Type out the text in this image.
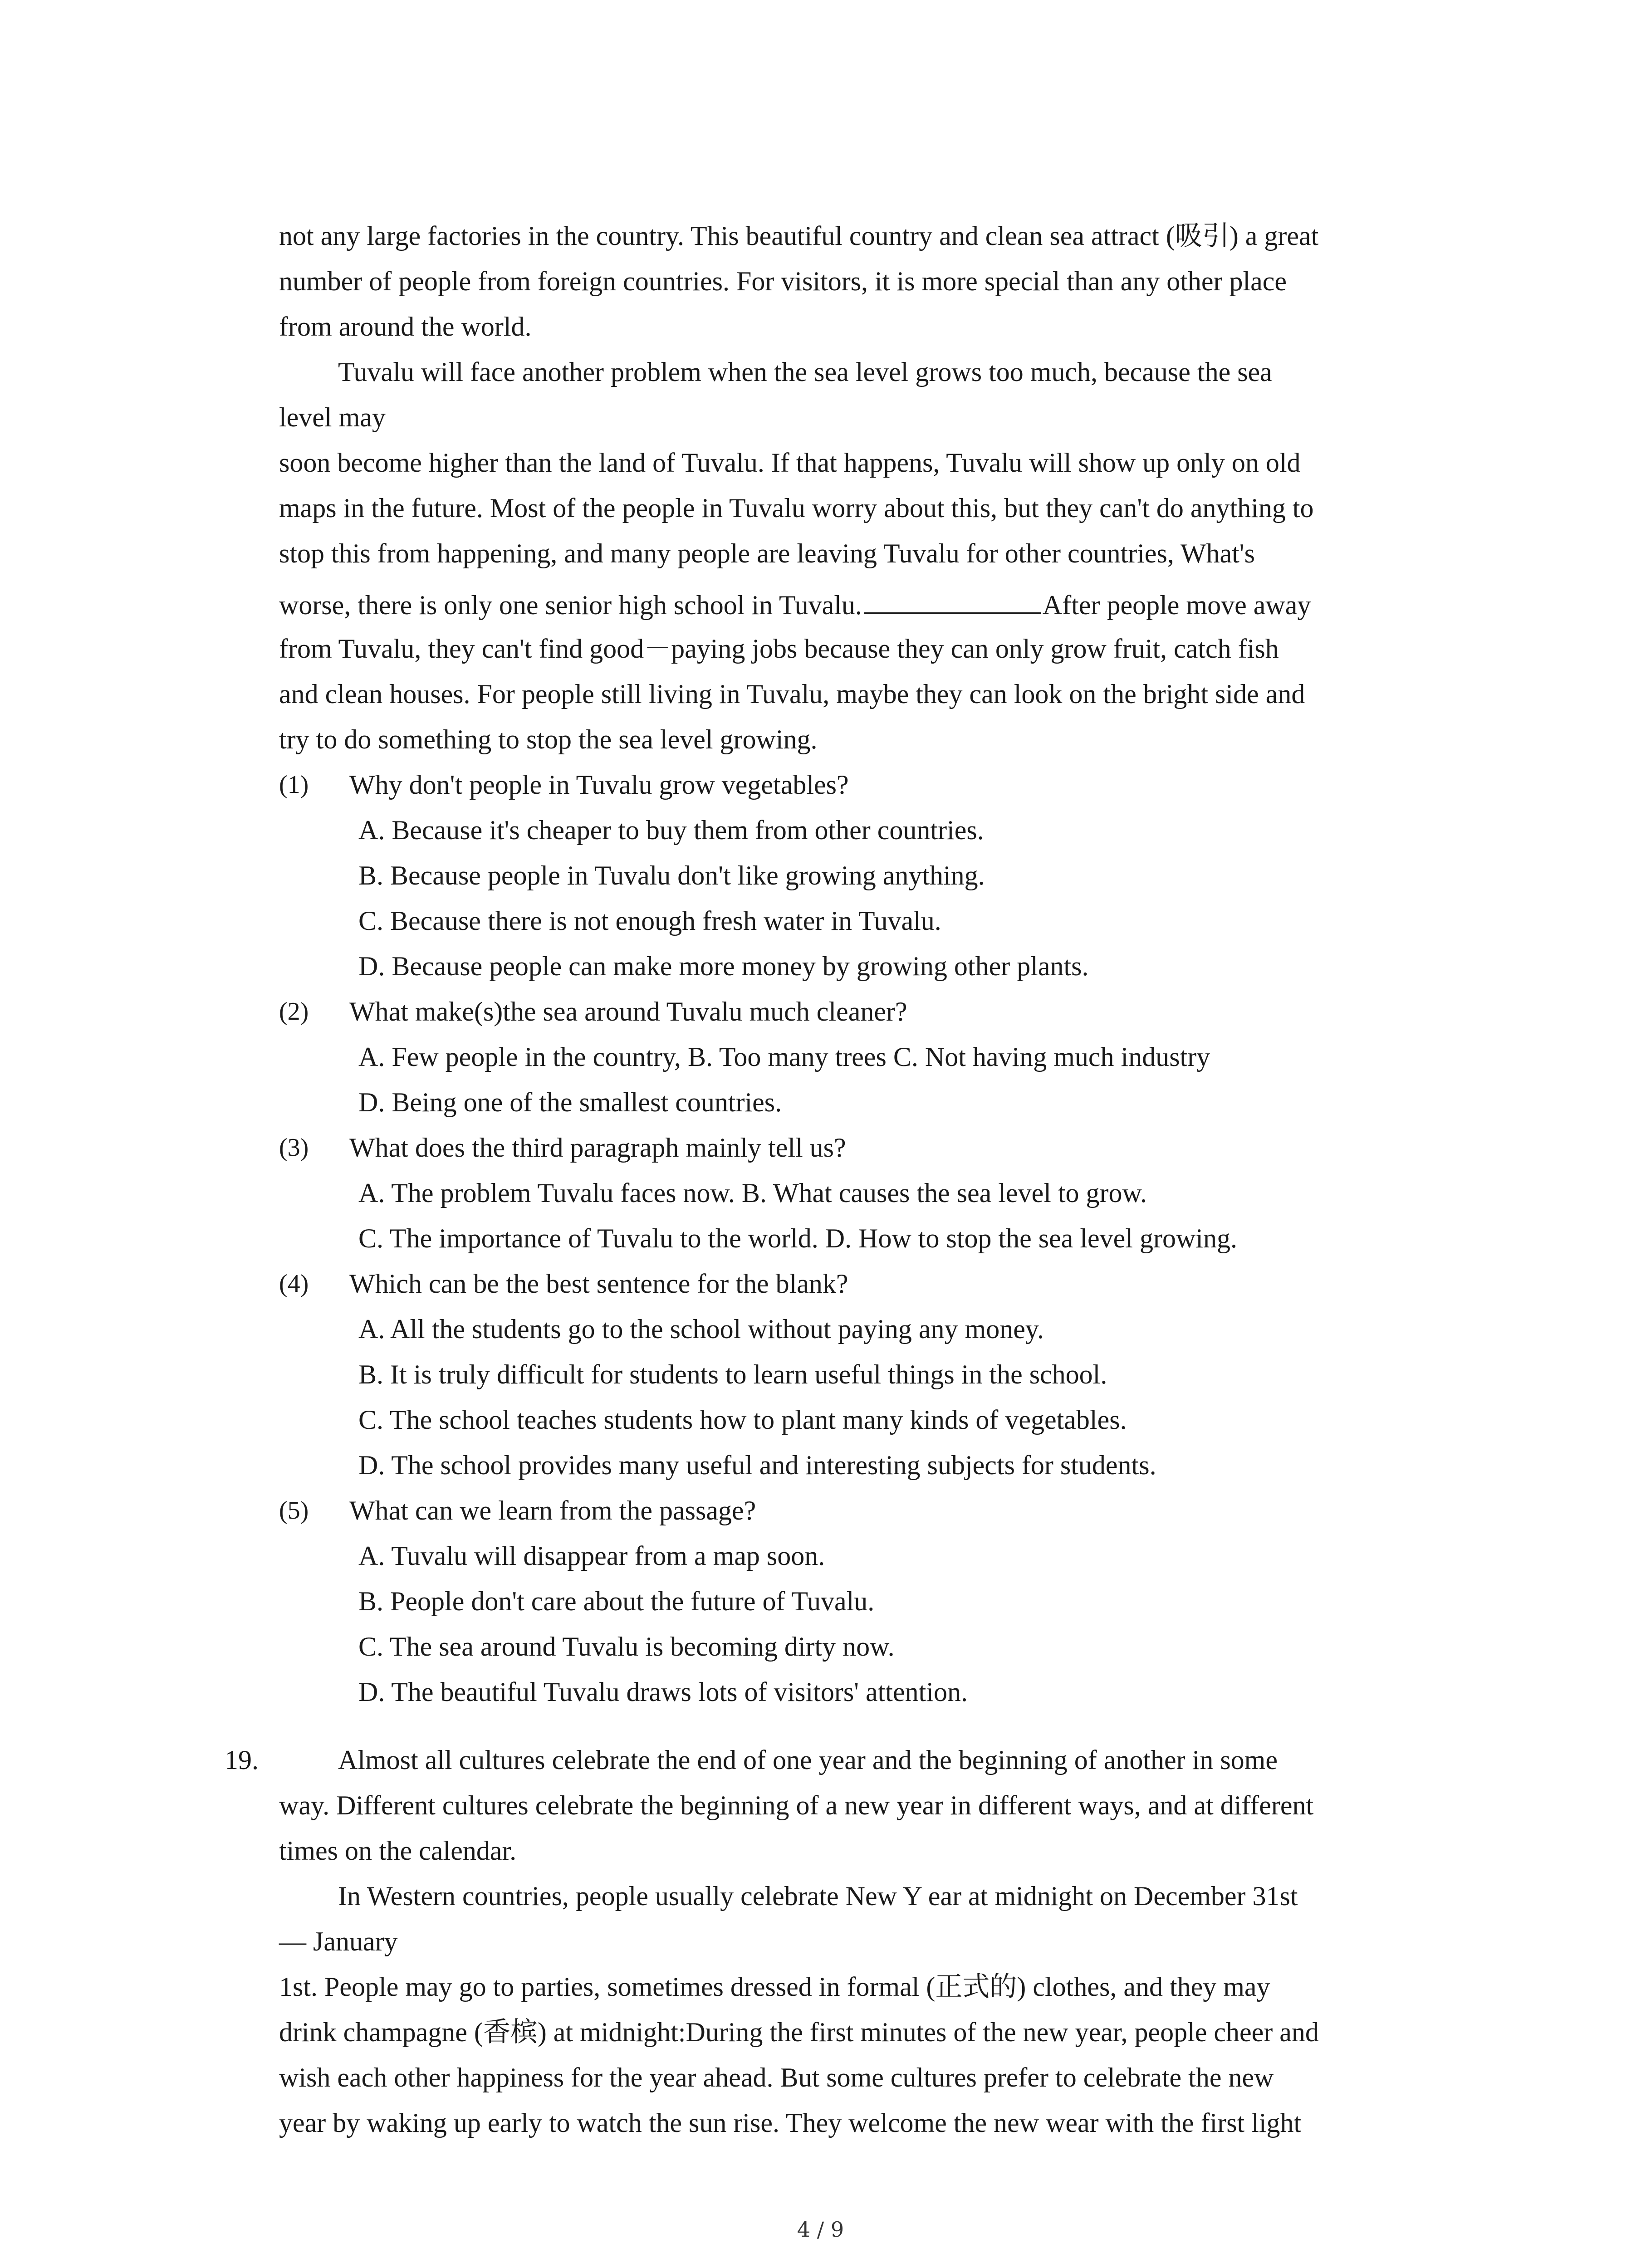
not any large factories in the country. This beautiful country and clean sea attract (吸引) a great
number of people from foreign countries. For visitors, it is more special than any other place
from around the world.
Tuvalu will face another problem when the sea level grows too much, because the sea
level may
soon become higher than the land of Tuvalu. If that happens, Tuvalu will show up only on old
maps in the future. Most of the people in Tuvalu worry about this, but they can't do anything to
stop this from happening, and many people are leaving Tuvalu for other countries, What's
worse, there is only one senior high school in Tuvalu.	After people move away
from Tuvalu, they can't find good－paying jobs because they can only grow fruit, catch fish
and clean houses. For people still living in Tuvalu, maybe they can look on the bright side and
try to do something to stop the sea level growing.
(1) Why don't people in Tuvalu grow vegetables?
A. Because it's cheaper to buy them from other countries.
B. Because people in Tuvalu don't like growing anything.
C. Because there is not enough fresh water in Tuvalu.
D. Because people can make more money by growing other plants.
(2) What make(s)the sea around Tuvalu much cleaner?
A. Few people in the country, B. Too many trees C. Not having much industry
D. Being one of the smallest countries.
(3) What does the third paragraph mainly tell us?
A. The problem Tuvalu faces now. B. What causes the sea level to grow.
C. The importance of Tuvalu to the world. D. How to stop the sea level growing.
(4) Which can be the best sentence for the blank?
A. All the students go to the school without paying any money.
B. It is truly difficult for students to learn useful things in the school.
C. The school teaches students how to plant many kinds of vegetables.
D. The school provides many useful and interesting subjects for students.
(5) What can we learn from the passage?
A. Tuvalu will disappear from a map soon.
B. People don't care about the future of Tuvalu.
C. The sea around Tuvalu is becoming dirty now.
D. The beautiful Tuvalu draws lots of visitors' attention.
19.	Almost all cultures celebrate the end of one year and the beginning of another in some
way. Different cultures celebrate the beginning of a new year in different ways, and at different
times on the calendar.
In Western countries, people usually celebrate New Y ear at midnight on December 31st
— January
1st. People may go to parties, sometimes dressed in formal (正式的) clothes, and they may
drink champagne (香槟) at midnight:During the first minutes of the new year, people cheer and
wish each other happiness for the year ahead. But some cultures prefer to celebrate the new
year by waking up early to watch the sun rise. They welcome the new wear with the first light
4 / 9
